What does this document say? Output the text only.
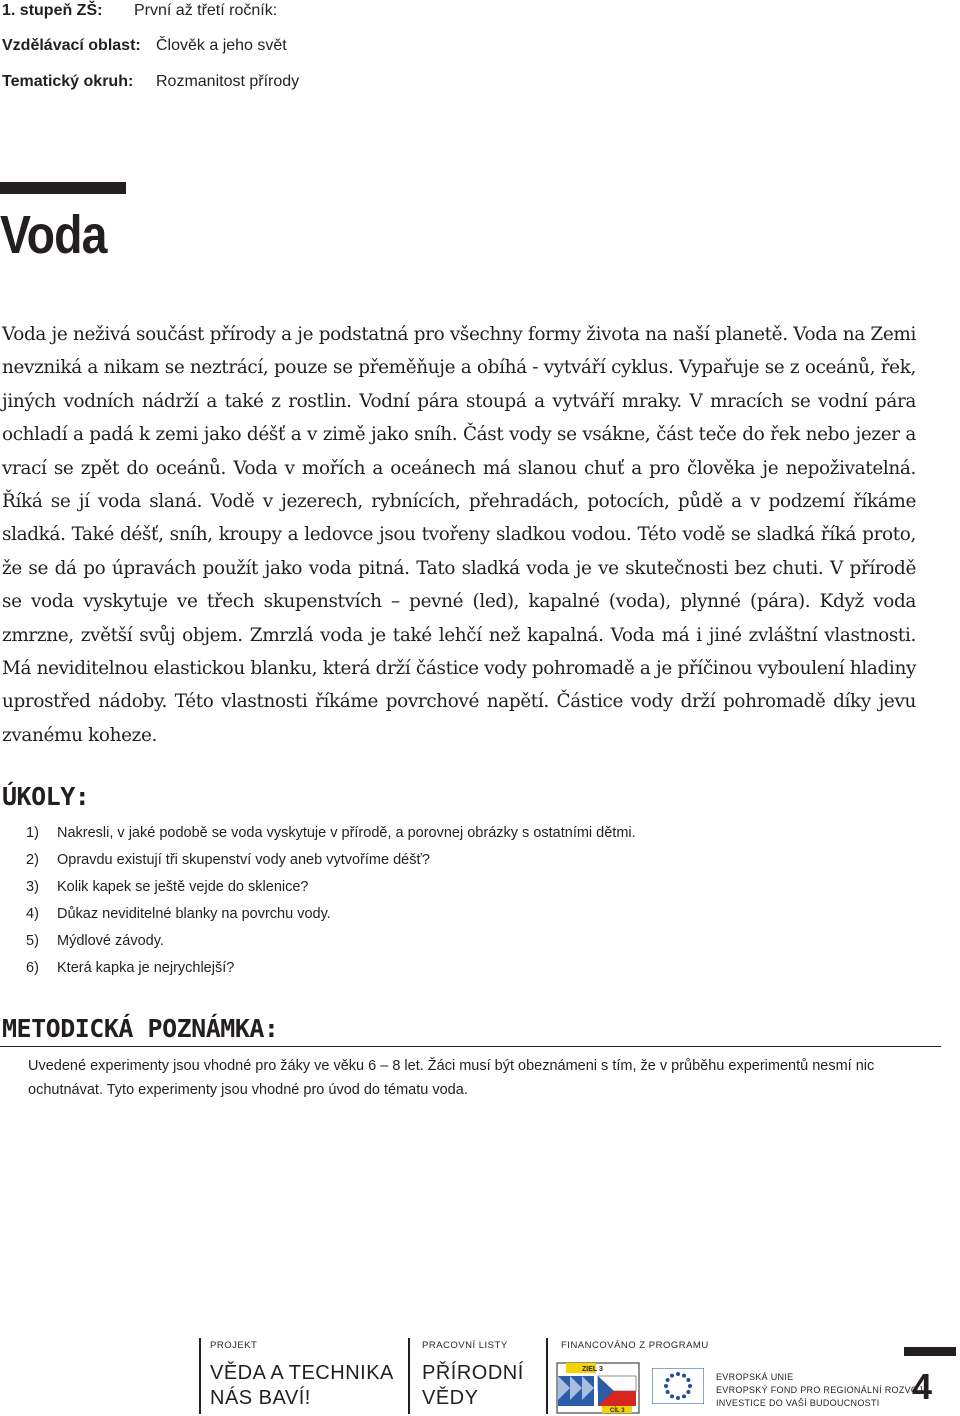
1. stupeň ZŠ: První až třetí ročník:
Vzdělávací oblast: Člověk a jeho svět
Tematický okruh: Rozmanitost přírody
Voda
Voda je neživá součást přírody a je podstatná pro všechny formy života na naší planetě. Voda na Zemi nevzniká a nikam se neztrácí, pouze se přeměňuje a obíhá - vytváří cyklus. Vypařuje se z oceánů, řek, jiných vodních nádrží a také z rostlin. Vodní pára stoupá a vytváří mraky. V mracích se vodní pára ochladí a padá k zemi jako déšť a v zimě jako sníh. Část vody se vsákne, část teče do řek nebo jezer a vrací se zpět do oceánů. Voda v mořích a oceánech má slanou chuť a pro člověka je nepoživatelná. Říká se jí voda slaná. Vodě v jezerech, rybnících, přehradách, potocích, půdě a v podzemí říkáme sladká. Také déšť, sníh, kroupy a ledovce jsou tvořeny sladkou vodou. Této vodě se sladká říká proto, že se dá po úpravách použít jako voda pitná. Tato sladká voda je ve skutečnosti bez chuti. V přírodě se voda vyskytuje ve třech skupenstvích – pevné (led), kapalné (voda), plynné (pára). Když voda zmrzne, zvětší svůj objem. Zmrzlá voda je také lehčí než kapalná. Voda má i jiné zvláštní vlastnosti. Má neviditelnou elastickou blanku, která drží částice vody pohromadě a je příčinou vyboulení hladiny uprostřed nádoby. Této vlastnosti říkáme povrchové napětí. Částice vody drží pohromadě díky jevu zvanému koheze.
ÚKOLY:
1) Nakresli, v jaké podobě se voda vyskytuje v přírodě, a porovnej obrázky s ostatními dětmi.
2) Opravdu existují tři skupenství vody aneb vytvoříme déšť?
3) Kolik kapek se ještě vejde do sklenice?
4) Důkaz neviditelné blanky na povrchu vody.
5) Mýdlové závody.
6) Která kapka je nejrychlejší?
METODICKÁ POZNÁMKA:
Uvedené experimenty jsou vhodné pro žáky ve věku 6 – 8 let. Žáci musí být obeznámeni s tím, že v průběhu experimentů nesmí nic ochutnávat. Tyto experimenty jsou vhodné pro úvod do tématu voda.
PROJEKT
VĚDA A TECHNIKA
NÁS BAVÍ!
PRACOVNÍ LISTY
PŘÍRODNÍ
VĚDY
FINANCOVÁNO Z PROGRAMU
ZIEL 3
CÍL 3
EVROPSKÁ UNIE
EVROPSKÝ FOND PRO REGIONÁLNÍ ROZVOJ
INVESTICE DO VAŠÍ BUDOUCNOSTI 4
